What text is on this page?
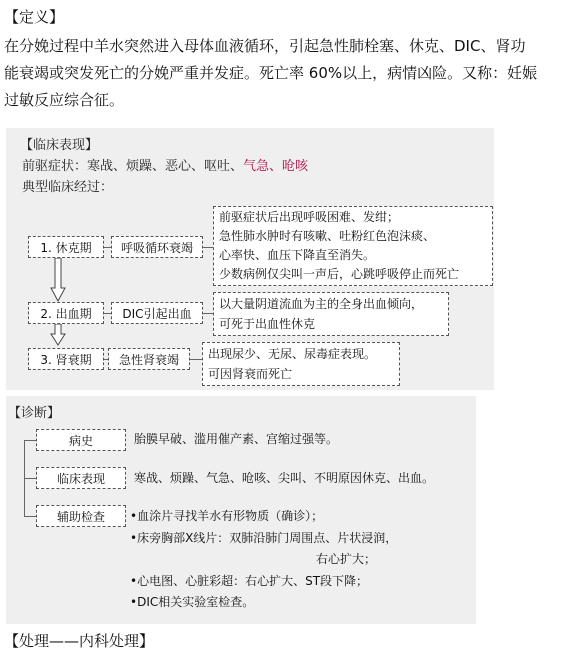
【定义】
在分娩过程中羊水突然进入母体血液循环，引起急性肺栓塞、休克、DIC、肾功
能衰竭或突发死亡的分娩严重并发症。死亡率 60%以上，病情凶险。又称：妊娠
过敏反应综合征。
【临床表现】
前驱症状：寒战、烦躁、恶心、呕吐、气急、呛咳
典型临床经过：
1. 休克期 呼吸循环衰竭
前驱症状后出现呼吸困难、发绀；
急性肺水肿时有咳嗽、吐粉红色泡沫痰、
心率快、血压下降直至消失。
少数病例仅尖叫一声后，心跳呼吸停止而死亡
2. 出血期	DIC引起出血
以大量阴道流血为主的全身出血倾向，
可死于出血性休克
3. 肾衰期 急性肾衰竭 出现尿少、无尿、尿毒症表现。
可因肾衰而死亡
【诊断】
病史	胎膜早破、滥用催产素、宫缩过强等。
临床表现 寒战、烦躁、气急、呛咳、尖叫、不明原因休克、出血。
辅助检查 •血涂片寻找羊水有形物质（确诊）；
•床旁胸部X线片：双肺沿肺门周围点、片状浸润，
右心扩大；
•心电图、心脏彩超：右心扩大、ST段下降；
•DIC相关实验室检查。
【处理——内科处理】
